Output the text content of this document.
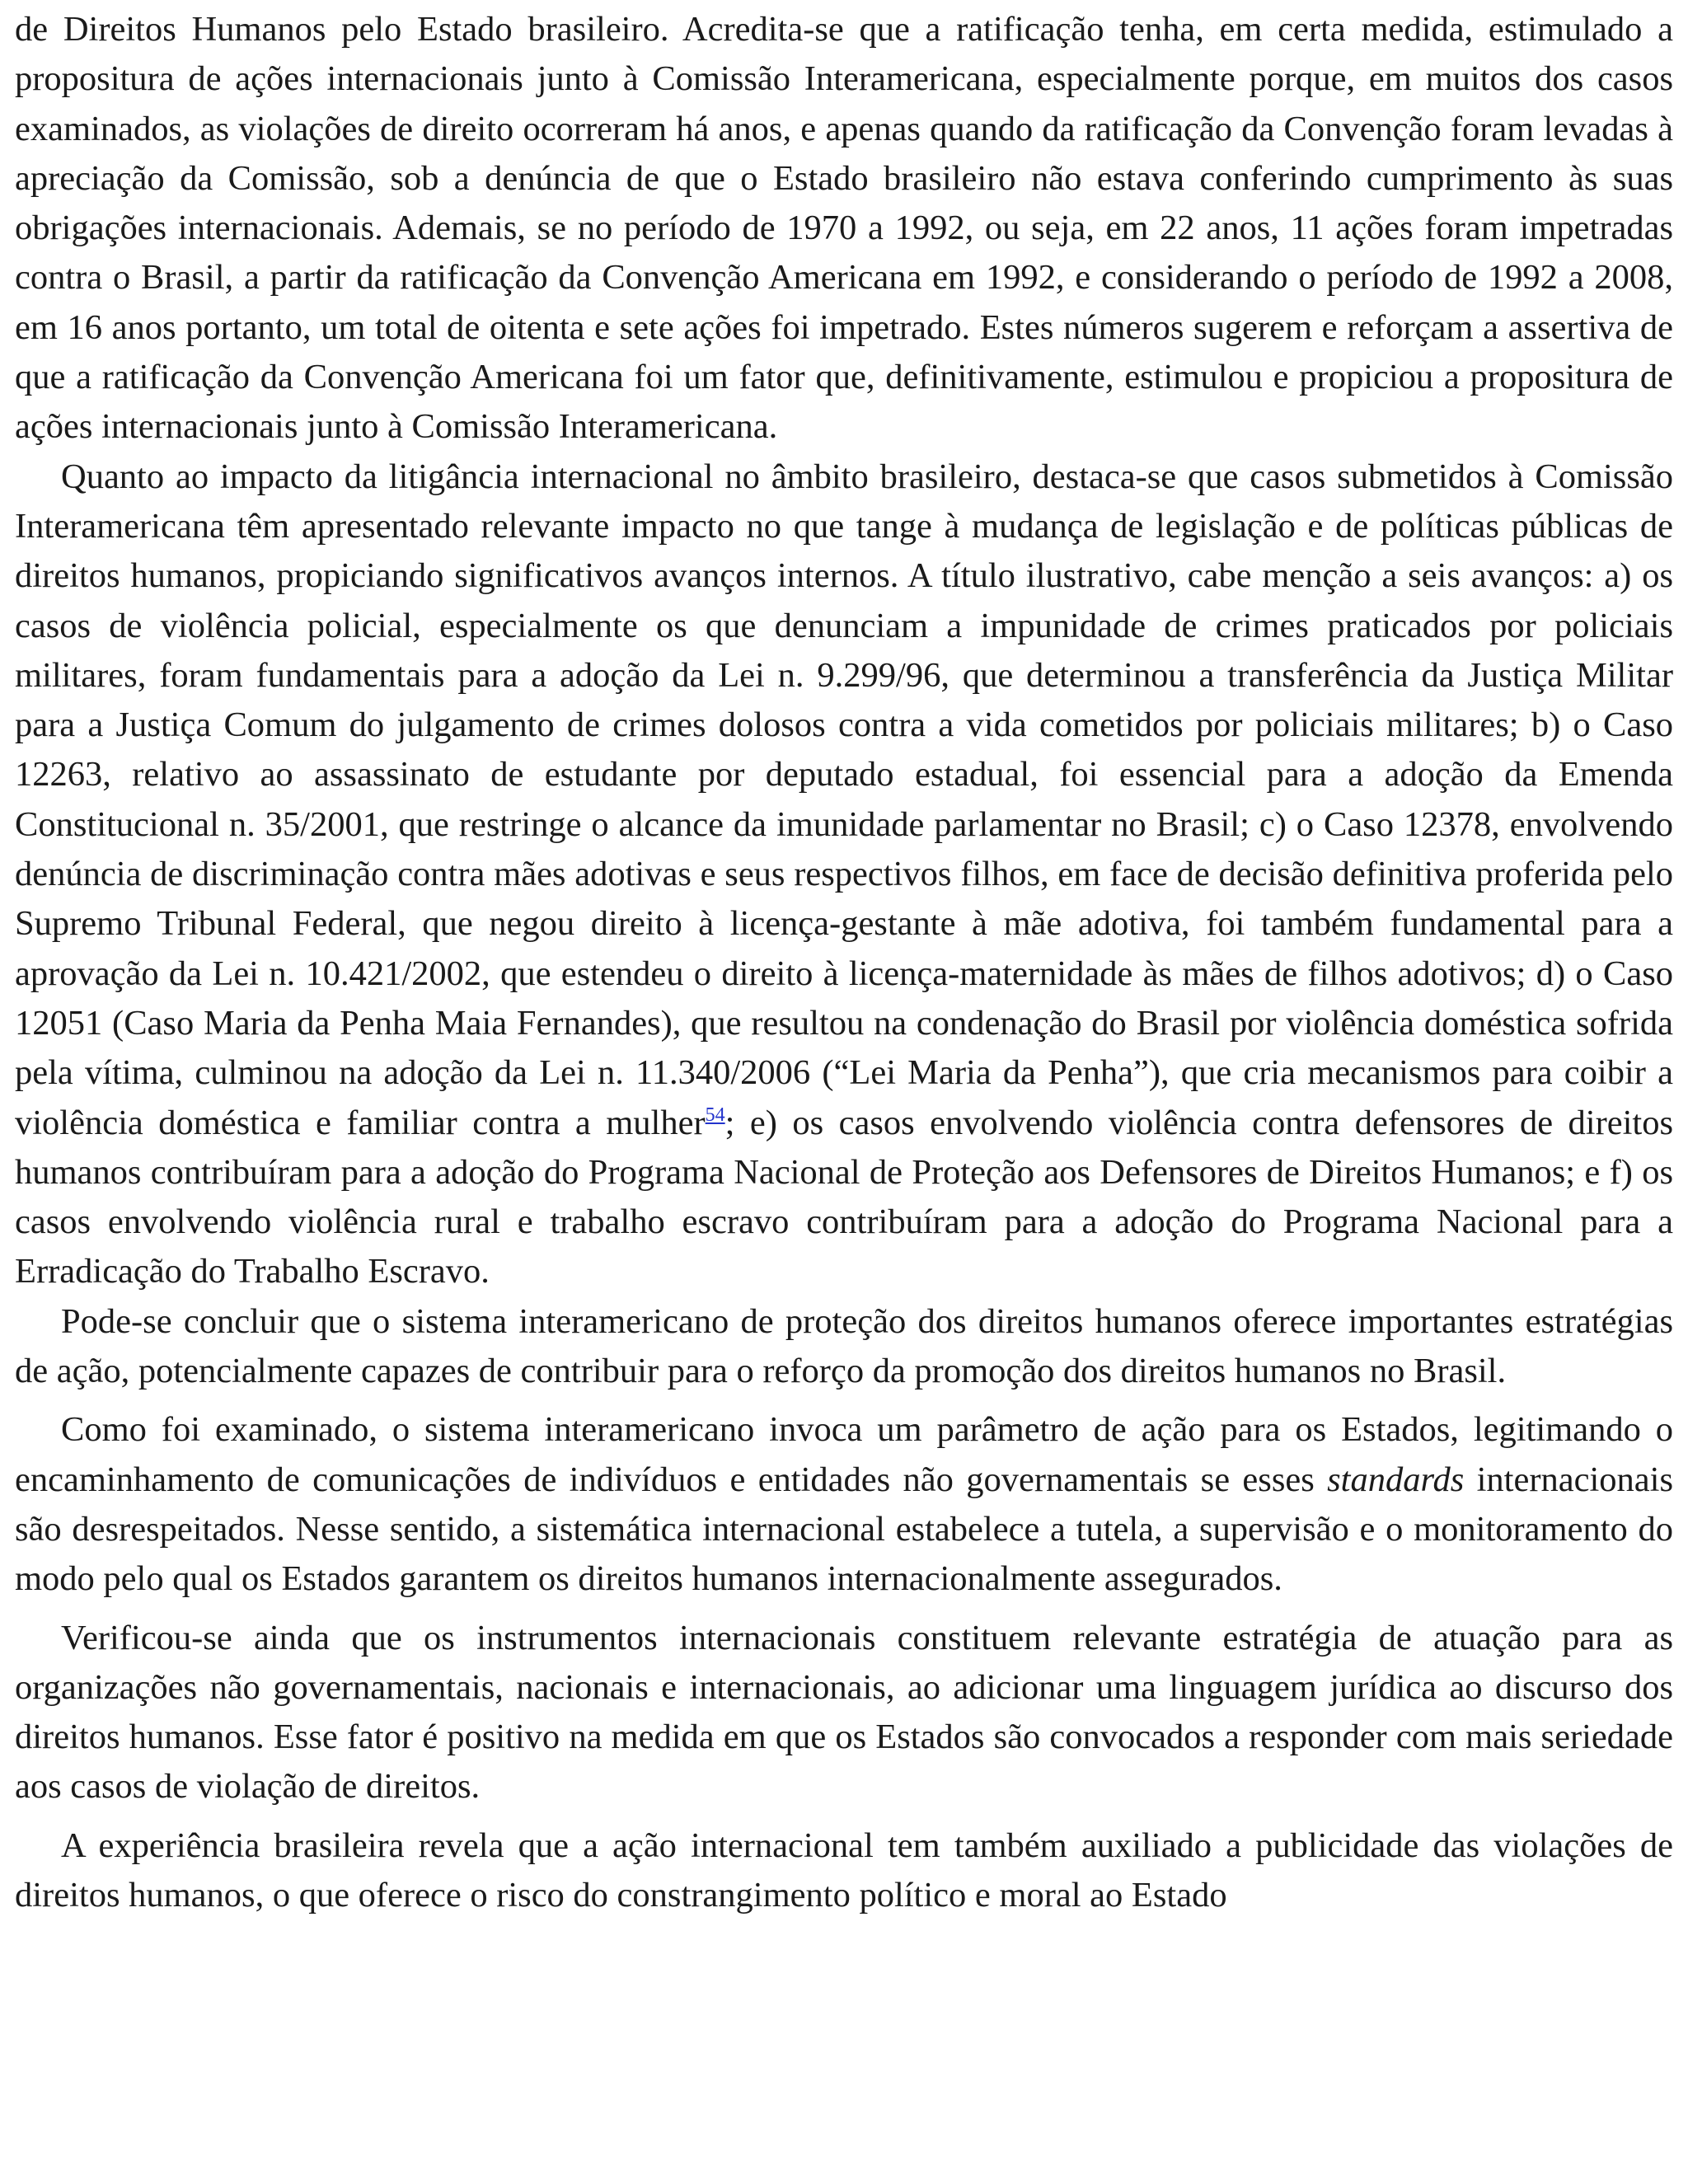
de Direitos Humanos pelo Estado brasileiro. Acredita-se que a ratificação tenha, em certa medida, estimulado a propositura de ações internacionais junto à Comissão Interamericana, especialmente porque, em muitos dos casos examinados, as violações de direito ocorreram há anos, e apenas quando da ratificação da Convenção foram levadas à apreciação da Comissão, sob a denúncia de que o Estado brasileiro não estava conferindo cumprimento às suas obrigações internacionais. Ademais, se no período de 1970 a 1992, ou seja, em 22 anos, 11 ações foram impetradas contra o Brasil, a partir da ratificação da Convenção Americana em 1992, e considerando o período de 1992 a 2008, em 16 anos portanto, um total de oitenta e sete ações foi impetrado. Estes números sugerem e reforçam a assertiva de que a ratificação da Convenção Americana foi um fator que, definitivamente, estimulou e propiciou a propositura de ações internacionais junto à Comissão Interamericana.

Quanto ao impacto da litigância internacional no âmbito brasileiro, destaca-se que casos submetidos à Comissão Interamericana têm apresentado relevante impacto no que tange à mudança de legislação e de políticas públicas de direitos humanos, propiciando significativos avanços internos. A título ilustrativo, cabe menção a seis avanços: a) os casos de violência policial, especialmente os que denunciam a impunidade de crimes praticados por policiais militares, foram fundamentais para a adoção da Lei n. 9.299/96, que determinou a transferência da Justiça Militar para a Justiça Comum do julgamento de crimes dolosos contra a vida cometidos por policiais militares; b) o Caso 12263, relativo ao assassinato de estudante por deputado estadual, foi essencial para a adoção da Emenda Constitucional n. 35/2001, que restringe o alcance da imunidade parlamentar no Brasil; c) o Caso 12378, envolvendo denúncia de discriminação contra mães adotivas e seus respectivos filhos, em face de decisão definitiva proferida pelo Supremo Tribunal Federal, que negou direito à licença-gestante à mãe adotiva, foi também fundamental para a aprovação da Lei n. 10.421/2002, que estendeu o direito à licença-maternidade às mães de filhos adotivos; d) o Caso 12051 (Caso Maria da Penha Maia Fernandes), que resultou na condenação do Brasil por violência doméstica sofrida pela vítima, culminou na adoção da Lei n. 11.340/2006 (“Lei Maria da Penha”), que cria mecanismos para coibir a violência doméstica e familiar contra a mulher$^{54}$; e) os casos envolvendo violência contra defensores de direitos humanos contribuíram para a adoção do Programa Nacional de Proteção aos Defensores de Direitos Humanos; e f) os casos envolvendo violência rural e trabalho escravo contribuíram para a adoção do Programa Nacional para a Erradicação do Trabalho Escravo.

Pode-se concluir que o sistema interamericano de proteção dos direitos humanos oferece importantes estratégias de ação, potencialmente capazes de contribuir para o reforço da promoção dos direitos humanos no Brasil.

Como foi examinado, o sistema interamericano invoca um parâmetro de ação para os Estados, legitimando o encaminhamento de comunicações de indivíduos e entidades não governamentais se esses standards internacionais são desrespeitados. Nesse sentido, a sistemática internacional estabelece a tutela, a supervisão e o monitoramento do modo pelo qual os Estados garantem os direitos humanos internacionalmente assegurados.

Verificou-se ainda que os instrumentos internacionais constituem relevante estratégia de atuação para as organizações não governamentais, nacionais e internacionais, ao adicionar uma linguagem jurídica ao discurso dos direitos humanos. Esse fator é positivo na medida em que os Estados são convocados a responder com mais seriedade aos casos de violação de direitos.

A experiência brasileira revela que a ação internacional tem também auxiliado a publicidade das violações de direitos humanos, o que oferece o risco do constrangimento político e moral ao Estado
